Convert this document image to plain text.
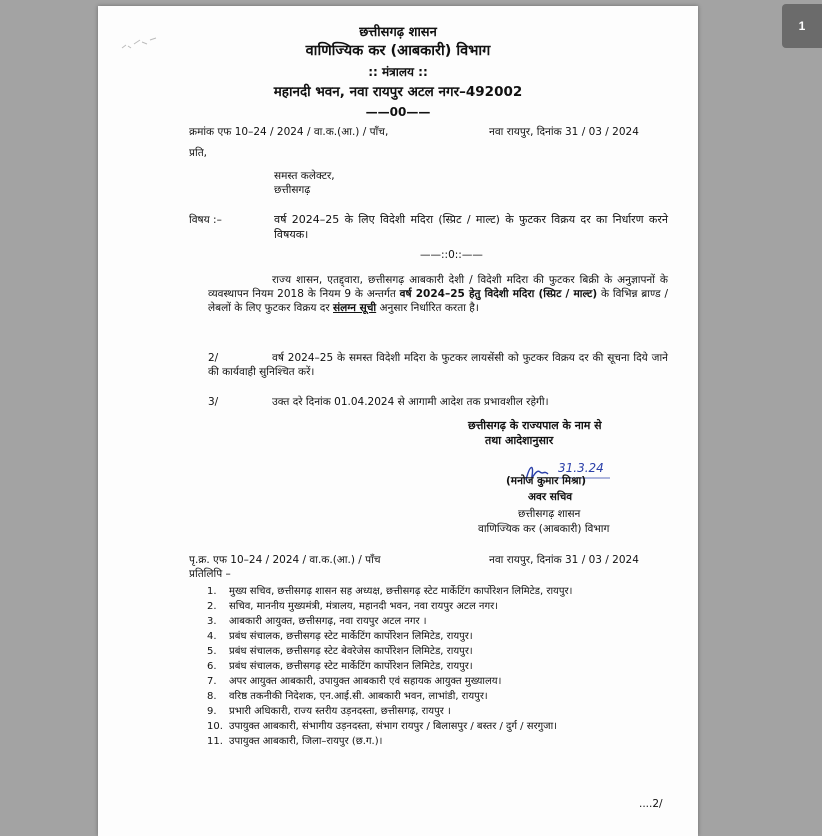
1
छत्तीसगढ़ शासन
वाणिज्यिक कर (आबकारी) विभाग
:: मंत्रालय ::
महानदी भवन, नवा रायपुर अटल नगर–492002
——00——
क्रमांक एफ 10–24 / 2024 / वा.क.(आ.) / पाँच,	नवा रायपुर, दिनांक 31 / 03 / 2024
प्रति,
समस्त कलेक्टर,
छत्तीसगढ़
विषय :–	वर्ष 2024–25 के लिए विदेशी मदिरा (स्प्रिट / माल्ट) के फुटकर विक्रय दर का निर्धारण करने विषयक।
——::0::——
राज्य शासन, एतद्द्वारा, छत्तीसगढ़ आबकारी देशी / विदेशी मदिरा की फुटकर बिक्री के अनुज्ञापनों के व्यवस्थापन नियम 2018 के नियम 9 के अन्तर्गत वर्ष 2024–25 हेतु विदेशी मदिरा (स्प्रिट / माल्ट) के विभिन्न ब्राण्ड / लेबलों के लिए फुटकर विक्रय दर संलग्न सूची अनुसार निर्धारित करता है।
2/	वर्ष 2024–25 के समस्त विदेशी मदिरा के फुटकर लायसेंसी को फुटकर विक्रय दर की सूचना दिये जाने की कार्यवाही सुनिश्चित करें।
3/	उक्त दरे दिनांक 01.04.2024 से आगामी आदेश तक प्रभावशील रहेगी।
छत्तीसगढ़ के राज्यपाल के नाम से
तथा आदेशानुसार
31.3.24
(मनोज कुमार मिश्रा)
अवर सचिव
छत्तीसगढ़ शासन
वाणिज्यिक कर (आबकारी) विभाग
पृ.क्र. एफ 10–24 / 2024 / वा.क.(आ.) / पाँच	नवा रायपुर, दिनांक 31 / 03 / 2024
प्रतिलिपि –
1.	मुख्य सचिव, छत्तीसगढ़ शासन सह अध्यक्ष, छत्तीसगढ़ स्टेट मार्केटिंग कार्पोरेशन लिमिटेड, रायपुर।
2.	सचिव, माननीय मुख्यमंत्री, मंत्रालय, महानदी भवन, नवा रायपुर अटल नगर।
3.	आबकारी आयुक्त, छत्तीसगढ़, नवा रायपुर अटल नगर ।
4.	प्रबंध संचालक, छत्तीसगढ़ स्टेट मार्केटिंग कार्पोरेशन लिमिटेड, रायपुर।
5.	प्रबंध संचालक, छत्तीसगढ़ स्टेट बेवरेजेस कार्पोरेशन लिमिटेड, रायपुर।
6.	प्रबंध संचालक, छत्तीसगढ़ स्टेट मार्केटिंग कार्पोरेशन लिमिटेड, रायपुर।
7.	अपर आयुक्त आबकारी, उपायुक्त आबकारी एवं सहायक आयुक्त मुख्यालय।
8.	वरिष्ठ तकनीकी निदेशक, एन.आई.सी. आबकारी भवन, लाभांडी, रायपुर।
9.	प्रभारी अधिकारी, राज्य स्तरीय उड़नदस्ता, छत्तीसगढ़, रायपुर ।
10. उपायुक्त आबकारी, संभागीय उड़नदस्ता, संभाग रायपुर / बिलासपुर / बस्तर / दुर्ग / सरगुजा।
11. उपायुक्त आबकारी, जिला–रायपुर (छ.ग.)।
....2/
